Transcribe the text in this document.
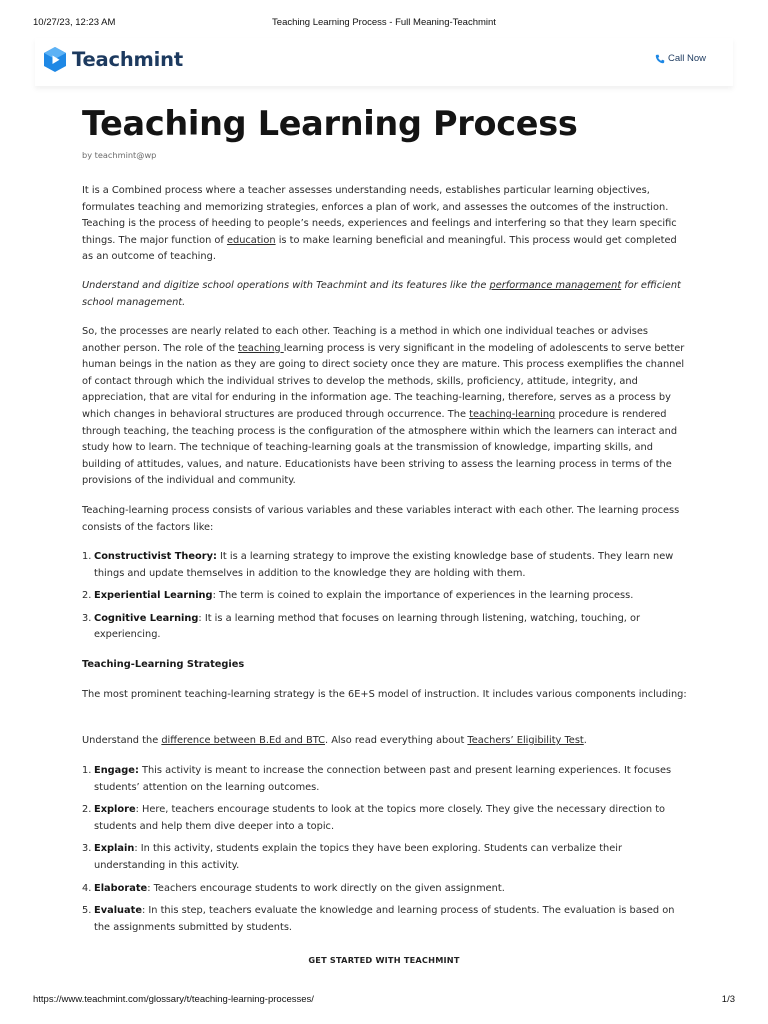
10/27/23, 12:23 AM	Teaching Learning Process - Full Meaning-Teachmint
Teachmint	Call Now
Teaching Learning Process
by teachmint@wp

It is a Combined process where a teacher assesses understanding needs, establishes particular learning objectives, formulates teaching and memorizing strategies, enforces a plan of work, and assesses the outcomes of the instruction. Teaching is the process of heeding to people’s needs, experiences and feelings and interfering so that they learn specific things. The major function of education is to make learning beneficial and meaningful. This process would get completed as an outcome of teaching.

Understand and digitize school operations with Teachmint and its features like the performance management for efficient school management.

So, the processes are nearly related to each other. Teaching is a method in which one individual teaches or advises another person. The role of the teaching learning process is very significant in the modeling of adolescents to serve better human beings in the nation as they are going to direct society once they are mature. This process exemplifies the channel of contact through which the individual strives to develop the methods, skills, proficiency, attitude, integrity, and appreciation, that are vital for enduring in the information age. The teaching-learning, therefore, serves as a process by which changes in behavioral structures are produced through occurrence. The teaching-learning procedure is rendered through teaching, the teaching process is the configuration of the atmosphere within which the learners can interact and study how to learn. The technique of teaching-learning goals at the transmission of knowledge, imparting skills, and building of attitudes, values, and nature. Educationists have been striving to assess the learning process in terms of the provisions of the individual and community.

Teaching-learning process consists of various variables and these variables interact with each other. The learning process consists of the factors like:

1. Constructivist Theory: It is a learning strategy to improve the existing knowledge base of students. They learn new things and update themselves in addition to the knowledge they are holding with them.
2. Experiential Learning: The term is coined to explain the importance of experiences in the learning process.
3. Cognitive Learning: It is a learning method that focuses on learning through listening, watching, touching, or experiencing.
Teaching-Learning Strategies

The most prominent teaching-learning strategy is the 6E+S model of instruction. It includes various components including:

Understand the difference between B.Ed and BTC. Also read everything about Teachers’ Eligibility Test.

1. Engage: This activity is meant to increase the connection between past and present learning experiences. It focuses students’ attention on the learning outcomes.
2. Explore: Here, teachers encourage students to look at the topics more closely. They give the necessary direction to students and help them dive deeper into a topic.
3. Explain: In this activity, students explain the topics they have been exploring. Students can verbalize their understanding in this activity.
4. Elaborate: Teachers encourage students to work directly on the given assignment.
5. Evaluate: In this step, teachers evaluate the knowledge and learning process of students. The evaluation is based on the assignments submitted by students.
GET STARTED WITH TEACHMINT
https://www.teachmint.com/glossary/t/teaching-learning-processes/	1/3
